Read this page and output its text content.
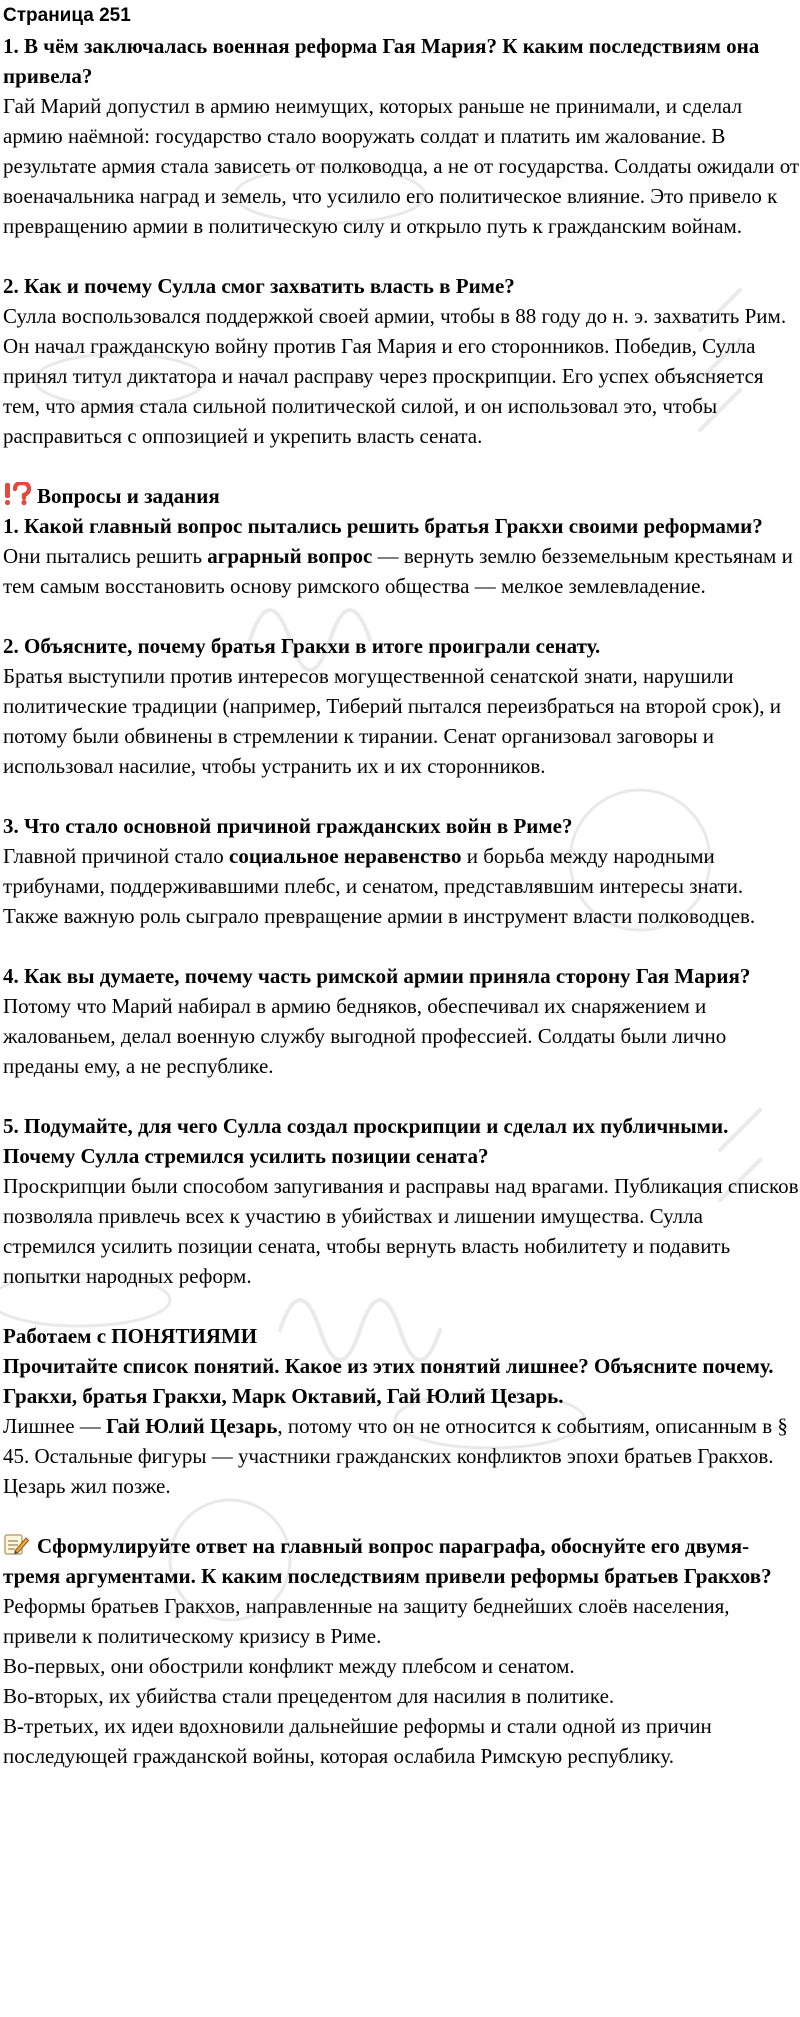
Страница 251

1. В чём заключалась военная реформа Гая Мария? К каким последствиям она привела?

Гай Марий допустил в армию неимущих, которых раньше не принимали, и сделал армию наёмной: государство стало вооружать солдат и платить им жалование. В результате армия стала зависеть от полководца, а не от государства. Солдаты ожидали от военачальника наград и земель, что усилило его политическое влияние. Это привело к превращению армии в политическую силу и открыло путь к гражданским войнам.

2. Как и почему Сулла смог захватить власть в Риме?

Сулла воспользовался поддержкой своей армии, чтобы в 88 году до н. э. захватить Рим. Он начал гражданскую войну против Гая Мария и его сторонников. Победив, Сулла принял титул диктатора и начал расправу через проскрипции. Его успех объясняется тем, что армия стала сильной политической силой, и он использовал это, чтобы расправиться с оппозицией и укрепить власть сената.

Вопросы и задания

1. Какой главный вопрос пытались решить братья Гракхи своими реформами?

Они пытались решить аграрный вопрос — вернуть землю безземельным крестьянам и тем самым восстановить основу римского общества — мелкое землевладение.

2. Объясните, почему братья Гракхи в итоге проиграли сенату.

Братья выступили против интересов могущественной сенатской знати, нарушили политические традиции (например, Тиберий пытался переизбраться на второй срок), и потому были обвинены в стремлении к тирании. Сенат организовал заговоры и использовал насилие, чтобы устранить их и их сторонников.

3. Что стало основной причиной гражданских войн в Риме?

Главной причиной стало социальное неравенство и борьба между народными трибунами, поддерживавшими плебс, и сенатом, представлявшим интересы знати. Также важную роль сыграло превращение армии в инструмент власти полководцев.

4. Как вы думаете, почему часть римской армии приняла сторону Гая Мария?

Потому что Марий набирал в армию бедняков, обеспечивал их снаряжением и жалованьем, делал военную службу выгодной профессией. Солдаты были лично преданы ему, а не республике.

5. Подумайте, для чего Сулла создал проскрипции и сделал их публичными. Почему Сулла стремился усилить позиции сената?

Проскрипции были способом запугивания и расправы над врагами. Публикация списков позволяла привлечь всех к участию в убийствах и лишении имущества. Сулла стремился усилить позиции сената, чтобы вернуть власть нобилитету и подавить попытки народных реформ.

Работаем с ПОНЯТИЯМИ

Прочитайте список понятий. Какое из этих понятий лишнее? Объясните почему. Гракхи, братья Гракхи, Марк Октавий, Гай Юлий Цезарь.

Лишнее — Гай Юлий Цезарь, потому что он не относится к событиям, описанным в § 45. Остальные фигуры — участники гражданских конфликтов эпохи братьев Гракхов. Цезарь жил позже.

Сформулируйте ответ на главный вопрос параграфа, обоснуйте его двумя-тремя аргументами. К каким последствиям привели реформы братьев Гракхов?

Реформы братьев Гракхов, направленные на защиту беднейших слоёв населения, привели к политическому кризису в Риме.

Во-первых, они обострили конфликт между плебсом и сенатом.

Во-вторых, их убийства стали прецедентом для насилия в политике.

В-третьих, их идеи вдохновили дальнейшие реформы и стали одной из причин последующей гражданской войны, которая ослабила Римскую республику.
